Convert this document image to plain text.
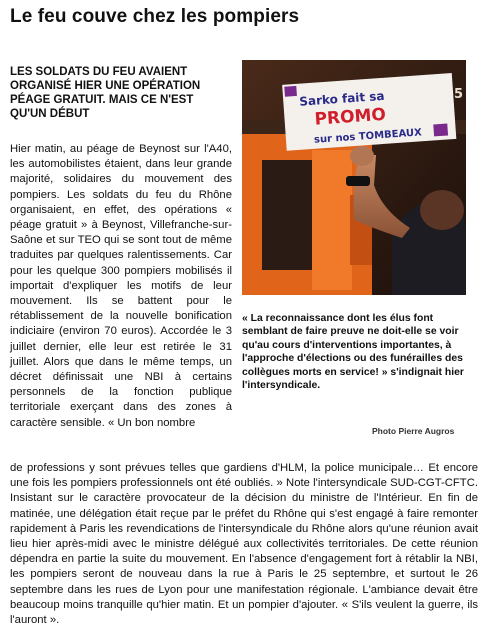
Le feu couve chez les pompiers
LES SOLDATS DU FEU AVAIENT ORGANISÉ HIER UNE OPÉRATION PÉAGE GRATUIT. MAIS CE N'EST QU'UN DÉBUT
Hier matin, au péage de Beynost sur l'A40, les automobilistes étaient, dans leur grande majorité, solidaires du mouvement des pompiers. Les soldats du feu du Rhône organisaient, en effet, des opérations « péage gratuit » à Beynost, Villefranche-sur-Saône et sur TEO qui se sont tout de même traduites par quelques ralentissements. Car pour les quelque 300 pompiers mobilisés il importait d'expliquer les motifs de leur mouvement. Ils se battent pour le rétablissement de la nouvelle bonification indiciaire (environ 70 euros). Accordée le 3 juillet dernier, elle leur est retirée le 31 juillet. Alors que dans le même temps, un décret définissait une NBI à certains personnels de la fonction publique territoriale exerçant dans des zones à caractère sensible. « Un bon nombre
Sarko fait sa
PROMO
sur nos TOMBEAUX
5
« La reconnaissance dont les élus font semblant de faire preuve ne doit-elle se voir qu'au cours d'interventions importantes, à l'approche d'élections ou des funérailles des collègues morts en service! » s'indignait hier l'intersyndicale.
Photo Pierre Augros
de professions y sont prévues telles que gardiens d'HLM, la police municipale… Et encore une fois les pompiers professionnels ont été oubliés. » Note l'intersyndicale SUD-CGT-CFTC. Insistant sur le caractère provocateur de la décision du ministre de l'Intérieur. En fin de matinée, une délégation était reçue par le préfet du Rhône qui s'est engagé à faire remonter rapidement à Paris les revendications de l'intersyndicale du Rhône alors qu'une réunion avait lieu hier après-midi avec le ministre délégué aux collectivités territoriales. De cette réunion dépendra en partie la suite du mouvement. En l'absence d'engagement fort à rétablir la NBI, les pompiers seront de nouveau dans la rue à Paris le 25 septembre, et surtout le 26 septembre dans les rues de Lyon pour une manifestation régionale. L'ambiance devait être beaucoup moins tranquille qu'hier matin. Et un pompier d'ajouter. « S'ils veulent la guerre, ils l'auront ».
